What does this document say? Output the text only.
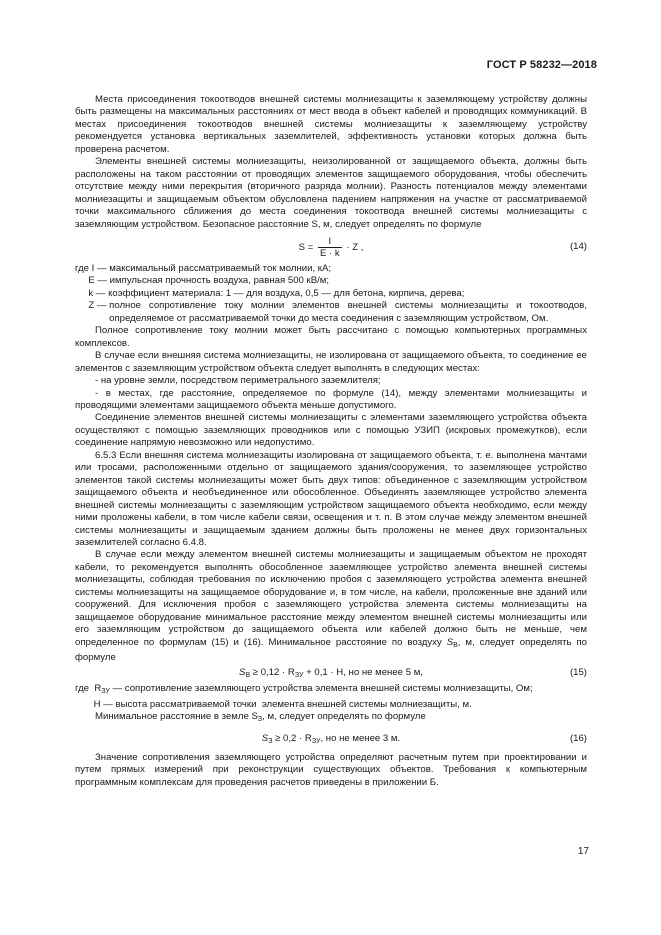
ГОСТ Р 58232—2018

Места присоединения токоотводов внешней системы молниезащиты к заземляющему устройству должны быть размещены на максимальных расстояниях от мест ввода в объект кабелей и проводящих коммуникаций. В местах присоединения токоотводов внешней системы молниезащиты к заземляющему устройству рекомендуется установка вертикальных заземлителей, эффективность установки которых должна быть проверена расчетом.

Элементы внешней системы молниезащиты, неизолированной от защищаемого объекта, должны быть расположены на таком расстоянии от проводящих элементов защищаемого оборудования, чтобы обеспечить отсутствие между ними перекрытия (вторичного разряда молнии). Разность потенциалов между элементами молниезащиты и защищаемым объектом обусловлена падением напряжения на участке от рассматриваемой точки максимального сближения до места соединения токоотвода внешней системы молниезащиты с заземляющим устройством. Безопасное расстояние S, м, следует определять по формуле

$S = \frac{I}{E \cdot k} \cdot Z$ ,	(14)
где I —
максимальный рассматриваемый ток молнии, кА;
E —
импульсная прочность воздуха, равная 500 кВ/м;
k —
коэффициент материала: 1 — для воздуха, 0,5 — для бетона, кирпича, дерева;
Z —
полное сопротивление току молнии элементов внешней системы молниезащиты и токоотводов, определяемое от рассматриваемой точки до места соединения с заземляющим устройством, Ом.

Полное сопротивление току молнии может быть рассчитано с помощью компьютерных программных комплексов.

В случае если внешняя система молниезащиты, не изолирована от защищаемого объекта, то соединение ее элементов с заземляющим устройством объекта следует выполнять в следующих местах:

- на уровне земли, посредством периметрального заземлителя;

- в местах, где расстояние, определяемое по формуле (14), между элементами молниезащиты и проводящими элементами защищаемого объекта меньше допустимого.

Соединение элементов внешней системы молниезащиты с элементами заземляющего устройства объекта осуществляют с помощью заземляющих проводников или с помощью УЗИП (искровых промежутков), если соединение напрямую невозможно или недопустимо.

6.5.3 Если внешняя система молниезащиты изолирована от защищаемого объекта, т. е. выполнена мачтами или тросами, расположенными отдельно от защищаемого здания/сооружения, то заземляющее устройство элементов такой системы молниезащиты может быть двух типов: объединенное с заземляющим устройством защищаемого объекта и необъединенное или обособленное. Объединять заземляющее устройство элемента внешней системы молниезащиты с заземляющим устройством защищаемого объекта необходимо, если между ними проложены кабели, в том числе кабели связи, освещения и т. п. В этом случае между элементом внешней системы молниезащиты и защищаемым зданием должны быть проложены не менее двух горизонтальных заземлителей согласно 6.4.8.

В случае если между элементом внешней системы молниезащиты и защищаемым объектом не проходят кабели, то рекомендуется выполнять обособленное заземляющее устройство элемента внешней системы молниезащиты, соблюдая требования по исключению пробоя с заземляющего устройства элемента внешней системы молниезащиты на защищаемое оборудование и, в том числе, на кабели, проложенные вне зданий или сооружений. Для исключения пробоя с заземляющего устройства элемента системы молниезащиты на защищаемое оборудование минимальное расстояние между элементом внешней системы молниезащиты или его заземляющим устройством до защищаемого объекта или кабелей должно быть не меньше, чем определенное по формулам (15) и (16). Минимальное расстояние по воздуху $S_В$, м, следует определять по формуле

$S_В \ge 0,12 \cdot R_{ЗУ} + 0,1 \cdot H$, но не менее 5 м,	(15)

где  $R_{ЗУ}$ — сопротивление заземляющего устройства элемента внешней системы молниезащиты, Ом;

H — высота рассматриваемой точки  элемента внешней системы молниезащиты, м.

Минимальное расстояние в земле $S_З$, м, следует определять по формуле

$S_З \ge 0,2 \cdot R_{ЗУ}$, но не менее 3 м.	(16)

Значение сопротивления заземляющего устройства определяют расчетным путем при проектировании и путем прямых измерений при реконструкции существующих объектов. Требования к компьютерным программным комплексам для проведения расчетов приведены в приложении Б.

17
